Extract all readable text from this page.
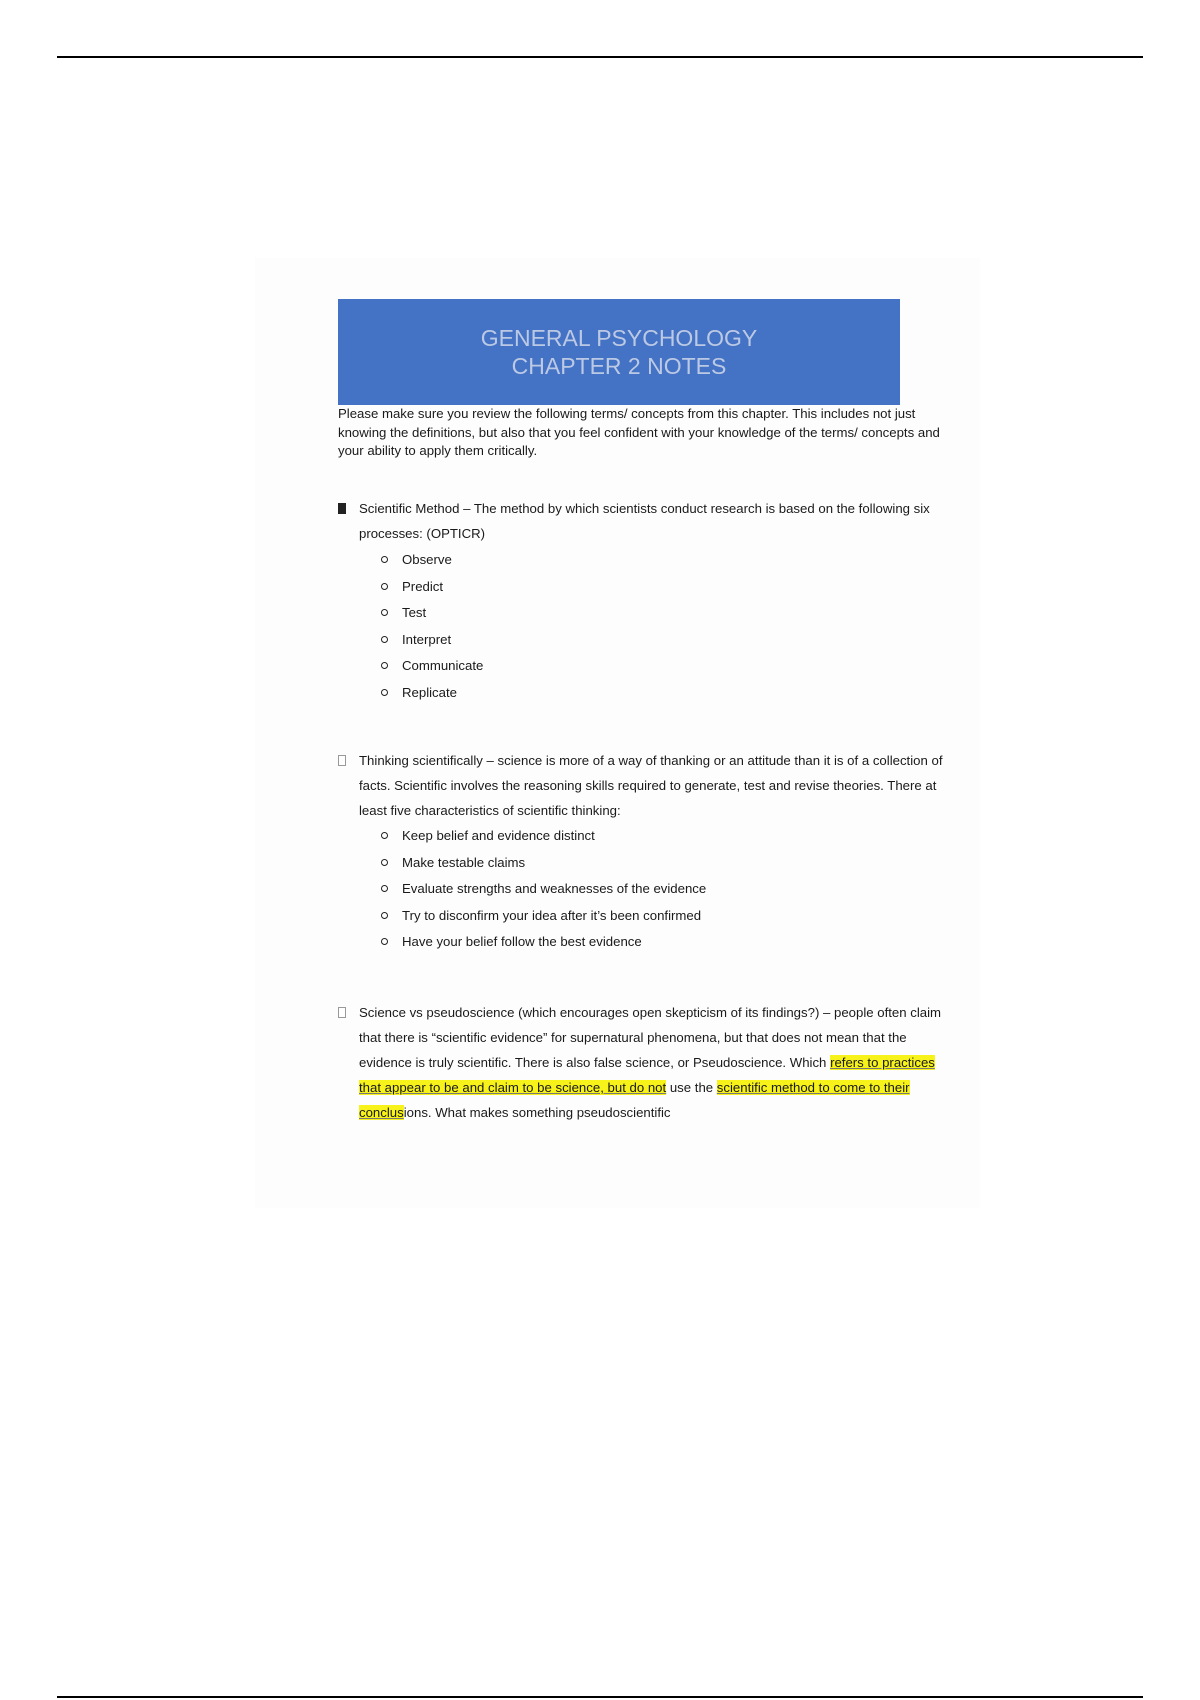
GENERAL PSYCHOLOGY
CHAPTER 2 NOTES
Please make sure you review the following terms/ concepts from this chapter. This includes not just knowing the definitions, but also that you feel confident with your knowledge of the terms/ concepts and your ability to apply them critically.
Scientific Method – The method by which scientists conduct research is based on the following six processes: (OPTICR)
Observe
Predict
Test
Interpret
Communicate
Replicate
Thinking scientifically – science is more of a way of thanking or an attitude than it is of a collection of facts. Scientific involves the reasoning skills required to generate, test and revise theories. There at least five characteristics of scientific thinking:
Keep belief and evidence distinct
Make testable claims
Evaluate strengths and weaknesses of the evidence
Try to disconfirm your idea after it’s been confirmed
Have your belief follow the best evidence
Science vs pseudoscience (which encourages open skepticism of its findings?) – people often claim that there is “scientific evidence” for supernatural phenomena, but that does not mean that the evidence is truly scientific. There is also false science, or Pseudoscience. Which refers to practices that appear to be and claim to be science, but do not use the scientific method to come to their conclusions. What makes something pseudoscientific
